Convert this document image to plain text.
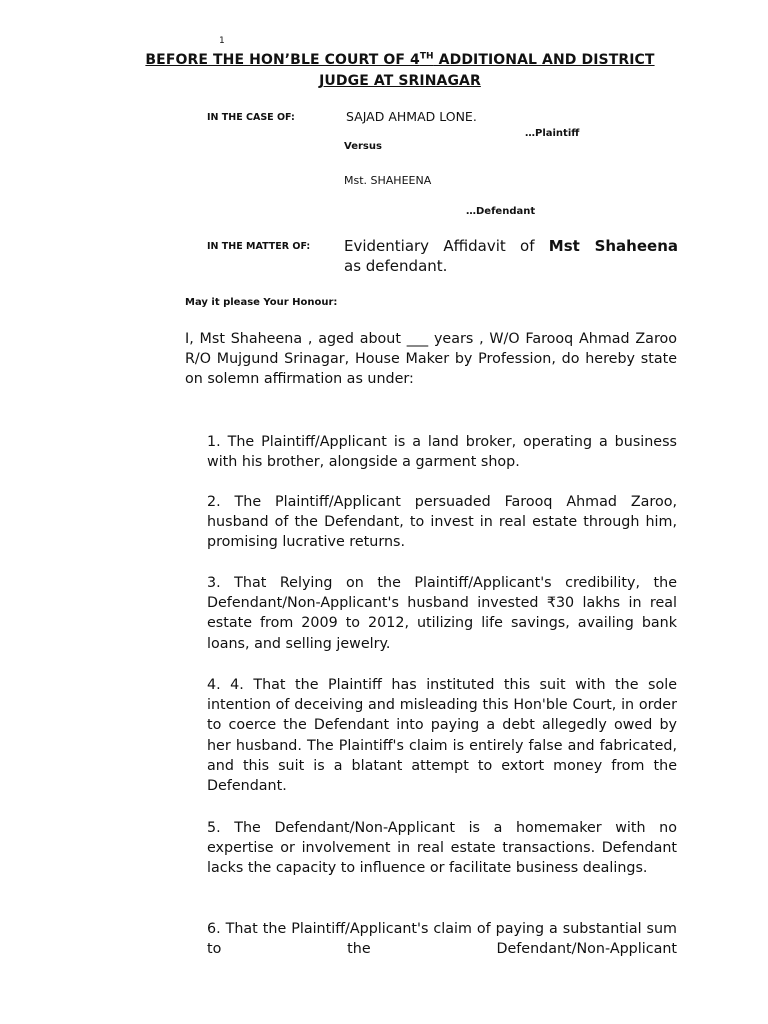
1
BEFORE THE HON’BLE COURT OF 4TH ADDITIONAL AND DISTRICT
JUDGE AT SRINAGAR
IN THE CASE OF:	SAJAD AHMAD LONE.
…Plaintiff
Versus
Mst. SHAHEENA
…Defendant
IN THE MATTER OF: Evidentiary Affidavit of Mst Shaheena
as defendant.
May it please Your Honour:
I, Mst Shaheena , aged about ___ years , W/O Farooq Ahmad Zaroo R/O Mujgund Srinagar, House Maker by Profession, do hereby state on solemn affirmation as under:
1. The Plaintiff/Applicant is a land broker, operating a business with his brother, alongside a garment shop.
2. The Plaintiff/Applicant persuaded Farooq Ahmad Zaroo, husband of the Defendant, to invest in real estate through him, promising lucrative returns.
3. That Relying on the Plaintiff/Applicant's credibility, the Defendant/Non-Applicant's husband invested ₹30 lakhs in real estate from 2009 to 2012, utilizing life savings, availing bank loans, and selling jewelry.
4. 4. That the Plaintiff has instituted this suit with the sole intention of deceiving and misleading this Hon'ble Court, in order to coerce the Defendant into paying a debt allegedly owed by her husband. The Plaintiff's claim is entirely false and fabricated, and this suit is a blatant attempt to extort money from the Defendant.
5. The Defendant/Non-Applicant is a homemaker with no expertise or involvement in real estate transactions. Defendant lacks the capacity to influence or facilitate business dealings.
6. That the Plaintiff/Applicant's claim of paying a substantial sum to the Defendant/Non-Applicant
